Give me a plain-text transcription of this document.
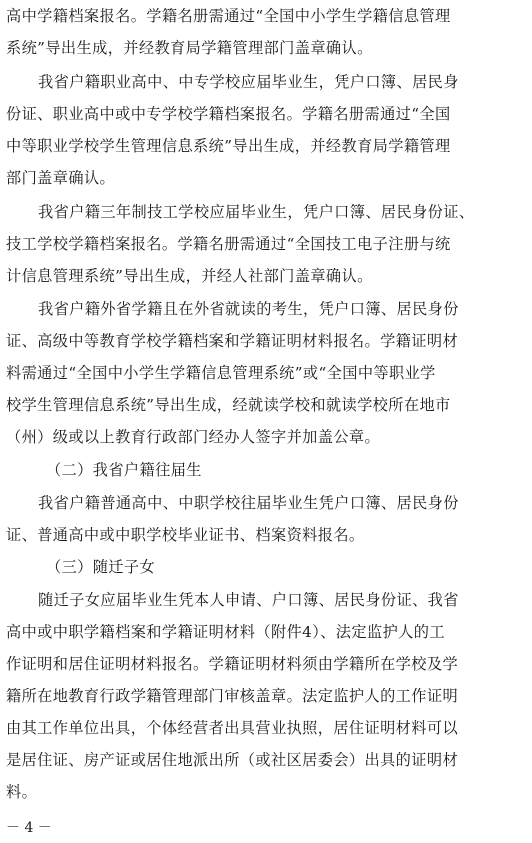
高中学籍档案报名。学籍名册需通过“全国中小学生学籍信息管理
系统”导出生成，并经教育局学籍管理部门盖章确认。
我省户籍职业高中、中专学校应届毕业生，凭户口簿、居民身
份证、职业高中或中专学校学籍档案报名。学籍名册需通过“全国
中等职业学校学生管理信息系统”导出生成，并经教育局学籍管理
部门盖章确认。
我省户籍三年制技工学校应届毕业生，凭户口簿、居民身份证、
技工学校学籍档案报名。学籍名册需通过“全国技工电子注册与统
计信息管理系统”导出生成，并经人社部门盖章确认。
我省户籍外省学籍且在外省就读的考生，凭户口簿、居民身份
证、高级中等教育学校学籍档案和学籍证明材料报名。学籍证明材
料需通过“全国中小学生学籍信息管理系统”或“全国中等职业学
校学生管理信息系统”导出生成，经就读学校和就读学校所在地市
（州）级或以上教育行政部门经办人签字并加盖公章。
（二）我省户籍往届生
我省户籍普通高中、中职学校往届毕业生凭户口簿、居民身份
证、普通高中或中职学校毕业证书、档案资料报名。
（三）随迁子女
随迁子女应届毕业生凭本人申请、户口簿、居民身份证、我省
高中或中职学籍档案和学籍证明材料（附件4）、法定监护人的工
作证明和居住证明材料报名。学籍证明材料须由学籍所在学校及学
籍所在地教育行政学籍管理部门审核盖章。法定监护人的工作证明
由其工作单位出具，个体经营者出具营业执照，居住证明材料可以
是居住证、房产证或居住地派出所（或社区居委会）出具的证明材
料。
－ 4 －
